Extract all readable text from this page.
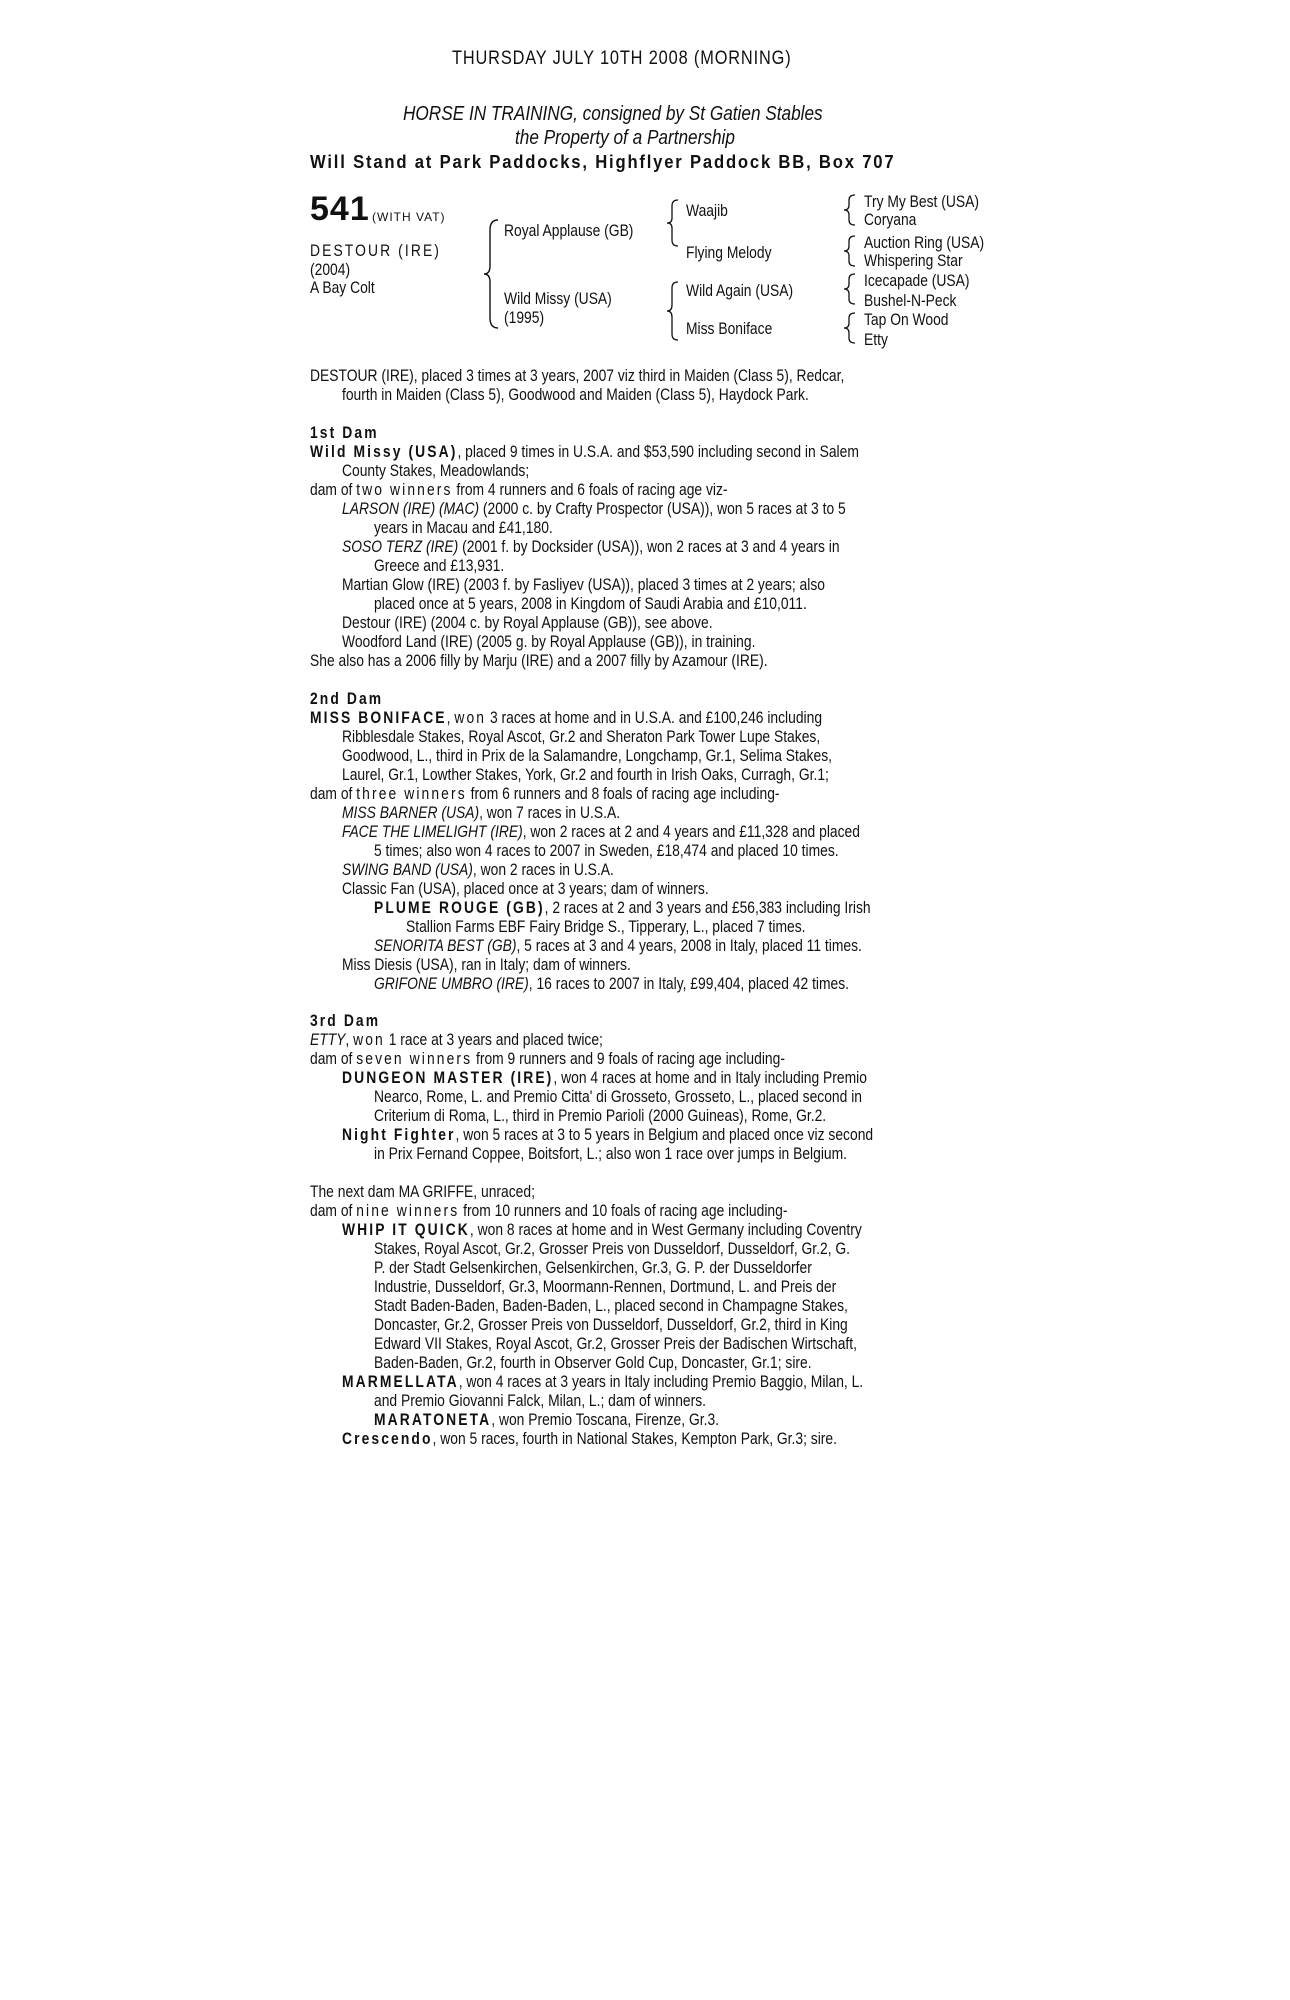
THURSDAY JULY 10TH 2008 (MORNING)
HORSE IN TRAINING, consigned by St Gatien Stables
the Property of a Partnership
Will Stand at Park Paddocks, Highflyer Paddock BB, Box 707
541 (WITH VAT)
DESTOUR (IRE)
(2004)
A Bay Colt
Royal Applause (GB)
Wild Missy (USA)
(1995)
Waajib
Flying Melody
Wild Again (USA)
Miss Boniface
Try My Best (USA)
Coryana
Auction Ring (USA)
Whispering Star
Icecapade (USA)
Bushel-N-Peck
Tap On Wood
Etty
DESTOUR (IRE), placed 3 times at 3 years, 2007 viz third in Maiden (Class 5), Redcar,
fourth in Maiden (Class 5), Goodwood and Maiden (Class 5), Haydock Park.
1st Dam
Wild Missy (USA), placed 9 times in U.S.A. and $53,590 including second in Salem
County Stakes, Meadowlands;
dam of two winners from 4 runners and 6 foals of racing age viz-
LARSON (IRE) (MAC) (2000 c. by Crafty Prospector (USA)), won 5 races at 3 to 5
years in Macau and £41,180.
SOSO TERZ (IRE) (2001 f. by Docksider (USA)), won 2 races at 3 and 4 years in
Greece and £13,931.
Martian Glow (IRE) (2003 f. by Fasliyev (USA)), placed 3 times at 2 years; also
placed once at 5 years, 2008 in Kingdom of Saudi Arabia and £10,011.
Destour (IRE) (2004 c. by Royal Applause (GB)), see above.
Woodford Land (IRE) (2005 g. by Royal Applause (GB)), in training.
She also has a 2006 filly by Marju (IRE) and a 2007 filly by Azamour (IRE).
2nd Dam
MISS BONIFACE, won 3 races at home and in U.S.A. and £100,246 including
Ribblesdale Stakes, Royal Ascot, Gr.2 and Sheraton Park Tower Lupe Stakes,
Goodwood, L., third in Prix de la Salamandre, Longchamp, Gr.1, Selima Stakes,
Laurel, Gr.1, Lowther Stakes, York, Gr.2 and fourth in Irish Oaks, Curragh, Gr.1;
dam of three winners from 6 runners and 8 foals of racing age including-
MISS BARNER (USA), won 7 races in U.S.A.
FACE THE LIMELIGHT (IRE), won 2 races at 2 and 4 years and £11,328 and placed
5 times; also won 4 races to 2007 in Sweden, £18,474 and placed 10 times.
SWING BAND (USA), won 2 races in U.S.A.
Classic Fan (USA), placed once at 3 years; dam of winners.
PLUME ROUGE (GB), 2 races at 2 and 3 years and £56,383 including Irish
Stallion Farms EBF Fairy Bridge S., Tipperary, L., placed 7 times.
SENORITA BEST (GB), 5 races at 3 and 4 years, 2008 in Italy, placed 11 times.
Miss Diesis (USA), ran in Italy; dam of winners.
GRIFONE UMBRO (IRE), 16 races to 2007 in Italy, £99,404, placed 42 times.
3rd Dam
ETTY, won 1 race at 3 years and placed twice;
dam of seven winners from 9 runners and 9 foals of racing age including-
DUNGEON MASTER (IRE), won 4 races at home and in Italy including Premio
Nearco, Rome, L. and Premio Citta' di Grosseto, Grosseto, L., placed second in
Criterium di Roma, L., third in Premio Parioli (2000 Guineas), Rome, Gr.2.
Night Fighter, won 5 races at 3 to 5 years in Belgium and placed once viz second
in Prix Fernand Coppee, Boitsfort, L.; also won 1 race over jumps in Belgium.
The next dam MA GRIFFE, unraced;
dam of nine winners from 10 runners and 10 foals of racing age including-
WHIP IT QUICK, won 8 races at home and in West Germany including Coventry
Stakes, Royal Ascot, Gr.2, Grosser Preis von Dusseldorf, Dusseldorf, Gr.2, G.
P. der Stadt Gelsenkirchen, Gelsenkirchen, Gr.3, G. P. der Dusseldorfer
Industrie, Dusseldorf, Gr.3, Moormann-Rennen, Dortmund, L. and Preis der
Stadt Baden-Baden, Baden-Baden, L., placed second in Champagne Stakes,
Doncaster, Gr.2, Grosser Preis von Dusseldorf, Dusseldorf, Gr.2, third in King
Edward VII Stakes, Royal Ascot, Gr.2, Grosser Preis der Badischen Wirtschaft,
Baden-Baden, Gr.2, fourth in Observer Gold Cup, Doncaster, Gr.1; sire.
MARMELLATA, won 4 races at 3 years in Italy including Premio Baggio, Milan, L.
and Premio Giovanni Falck, Milan, L.; dam of winners.
MARATONETA, won Premio Toscana, Firenze, Gr.3.
Crescendo, won 5 races, fourth in National Stakes, Kempton Park, Gr.3; sire.
